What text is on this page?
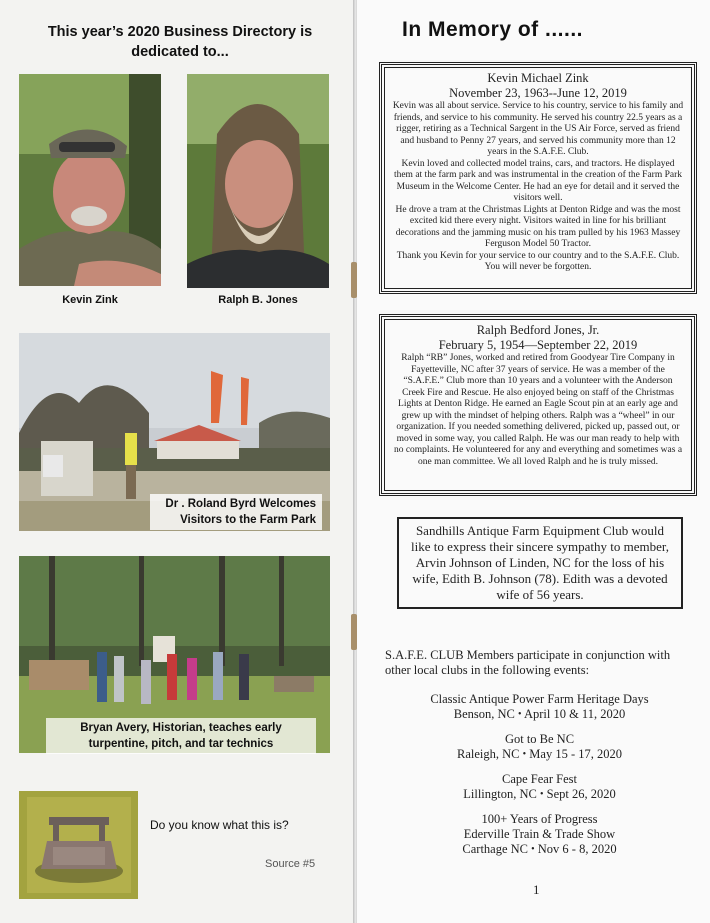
This year’s 2020 Business Directory is dedicated to...
Kevin Zink	Ralph B. Jones
Dr . Roland Byrd Welcomes Visitors to the Farm Park
Bryan Avery, Historian, teaches early turpentine, pitch, and tar technics
Do you know what this is?
Source #5
In Memory of ......
Kevin Michael Zink
November 23, 1963--June 12, 2019
Kevin was all about service. Service to his country, service to his family and friends, and service to his community. He served his country 22.5 years as a rigger, retiring as a Technical Sargent in the US Air Force, served as friend and husband to Penny 27 years, and served his community more than 12 years in the S.A.F.E. Club.
Kevin loved and collected model trains, cars, and tractors. He displayed them at the farm park and was instrumental in the creation of the Farm Park Museum in the Welcome Center. He had an eye for detail and it served the visitors well.
He drove a tram at the Christmas Lights at Denton Ridge and was the most excited kid there every night. Visitors waited in line for his brilliant decorations and the jamming music on his tram pulled by his 1963 Massey Ferguson Model 50 Tractor.
Thank you Kevin for your service to our country and to the S.A.F.E. Club. You will never be forgotten.
Ralph Bedford Jones, Jr.
February 5, 1954—September 22, 2019
Ralph “RB” Jones, worked and retired from Goodyear Tire Company in Fayetteville, NC after 37 years of service. He was a member of the “S.A.F.E.” Club more than 10 years and a volunteer with the Anderson Creek Fire and Rescue. He also enjoyed being on staff of the Christmas Lights at Denton Ridge. He earned an Eagle Scout pin at an early age and grew up with the mindset of helping others. Ralph was a “wheel” in our organization. If you needed something delivered, picked up, passed out, or moved in some way, you called Ralph. He was our man ready to help with no complaints. He volunteered for any and everything and sometimes was a one man committee. We all loved Ralph and he is truly missed.
Sandhills Antique Farm Equipment Club would like to express their sincere sympathy to member, Arvin Johnson of Linden, NC for the loss of his wife, Edith B. Johnson (78). Edith was a devoted wife of 56 years.
S.A.F.E. CLUB Members participate in conjunction with other local clubs in the following events:
Classic Antique Power Farm Heritage Days
Benson, NC • April 10 & 11, 2020
Got to Be NC
Raleigh, NC • May 15 - 17, 2020
Cape Fear Fest
Lillington, NC • Sept 26, 2020
100+ Years of Progress
Ederville Train & Trade Show
Carthage NC • Nov 6 - 8, 2020
1
